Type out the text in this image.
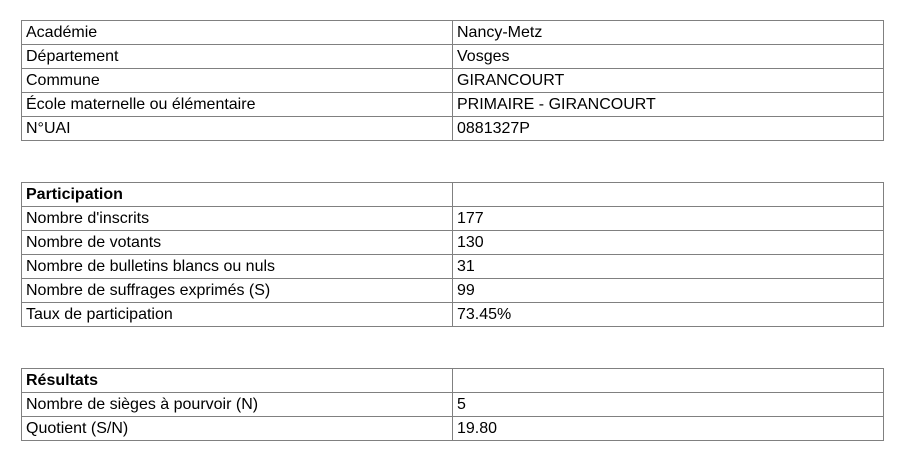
Académie	Nancy-Metz
Département	Vosges
Commune	GIRANCOURT
École maternelle ou élémentaire	PRIMAIRE - GIRANCOURT
N°UAI	0881327P
Participation	
Nombre d'inscrits	177
Nombre de votants	130
Nombre de bulletins blancs ou nuls	31
Nombre de suffrages exprimés (S)	99
Taux de participation	73.45%
Résultats	
Nombre de sièges à pourvoir (N)	5
Quotient (S/N)	19.80
